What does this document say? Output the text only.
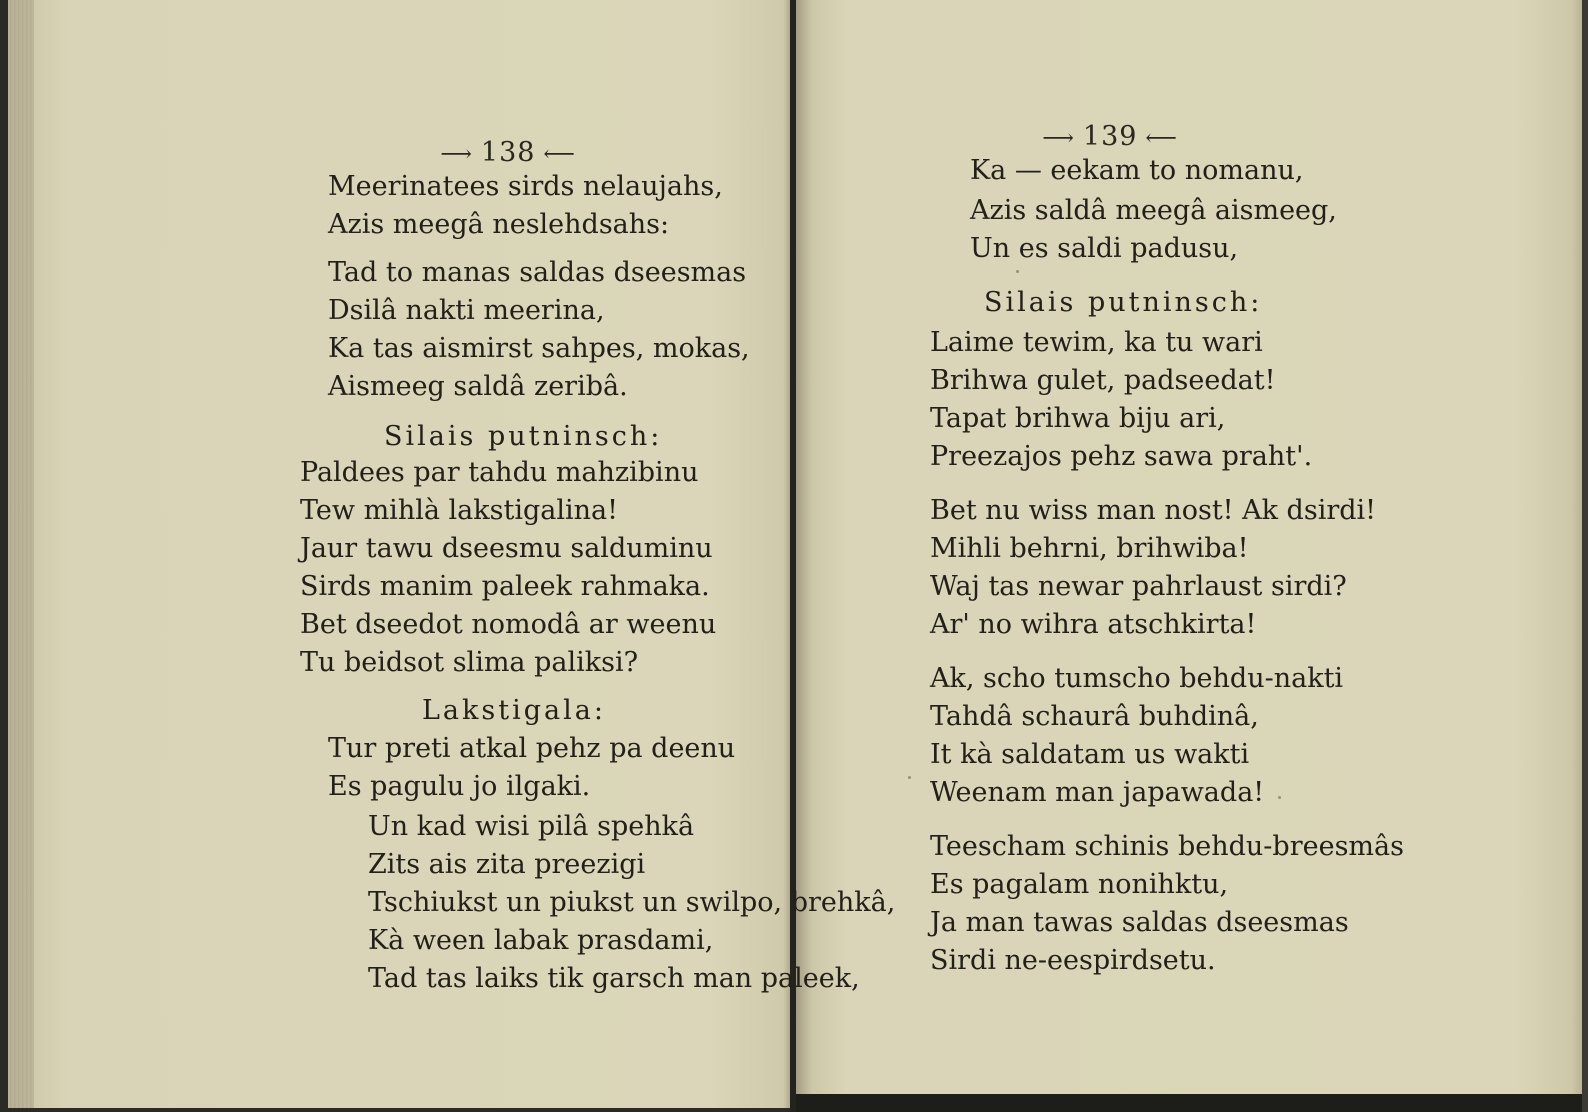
⟶ 138 ⟵

⟶ 139 ⟵

Meerinatees sirds nelaujahs,
Azis meegâ neslehdsahs:
Tad to manas saldas dseesmas
Dsilâ nakti meerina,
Ka tas aismirst sahpes, mokas,
Aismeeg saldâ zeribâ.
Silais putninsch:
Paldees par tahdu mahzibinu
Tew mihlà lakstigalina!
Jaur tawu dseesmu salduminu
Sirds manim paleek rahmaka.
Bet dseedot nomodâ ar weenu
Tu beidsot slima paliksi?
Lakstigala:
Tur preti atkal pehz pa deenu
Es pagulu jo ilgaki.
Un kad wisi pilâ spehkâ
Zits ais zita preezigi
Tschiukst un piukst un swilpo, brehkâ,
Kà ween labak prasdami,
Tad tas laiks tik garsch man paleek,
Ka — eekam to nomanu,
Azis saldâ meegâ aismeeg,
Un es saldi padusu,
Silais putninsch:
Laime tewim, ka tu wari
Brihwa gulet, padseedat!
Tapat brihwa biju ari,
Preezajos pehz sawa praht'.
Bet nu wiss man nost! Ak dsirdi!
Mihli behrni, brihwiba!
Waj tas newar pahrlaust sirdi?
Ar' no wihra atschkirta!
Ak, scho tumscho behdu-nakti
Tahdâ schaurâ buhdinâ,
It kà saldatam us wakti
Weenam man japawada!
Teescham schinis behdu-breesmâs
Es pagalam nonihktu,
Ja man tawas saldas dseesmas
Sirdi ne-eespirdsetu.
